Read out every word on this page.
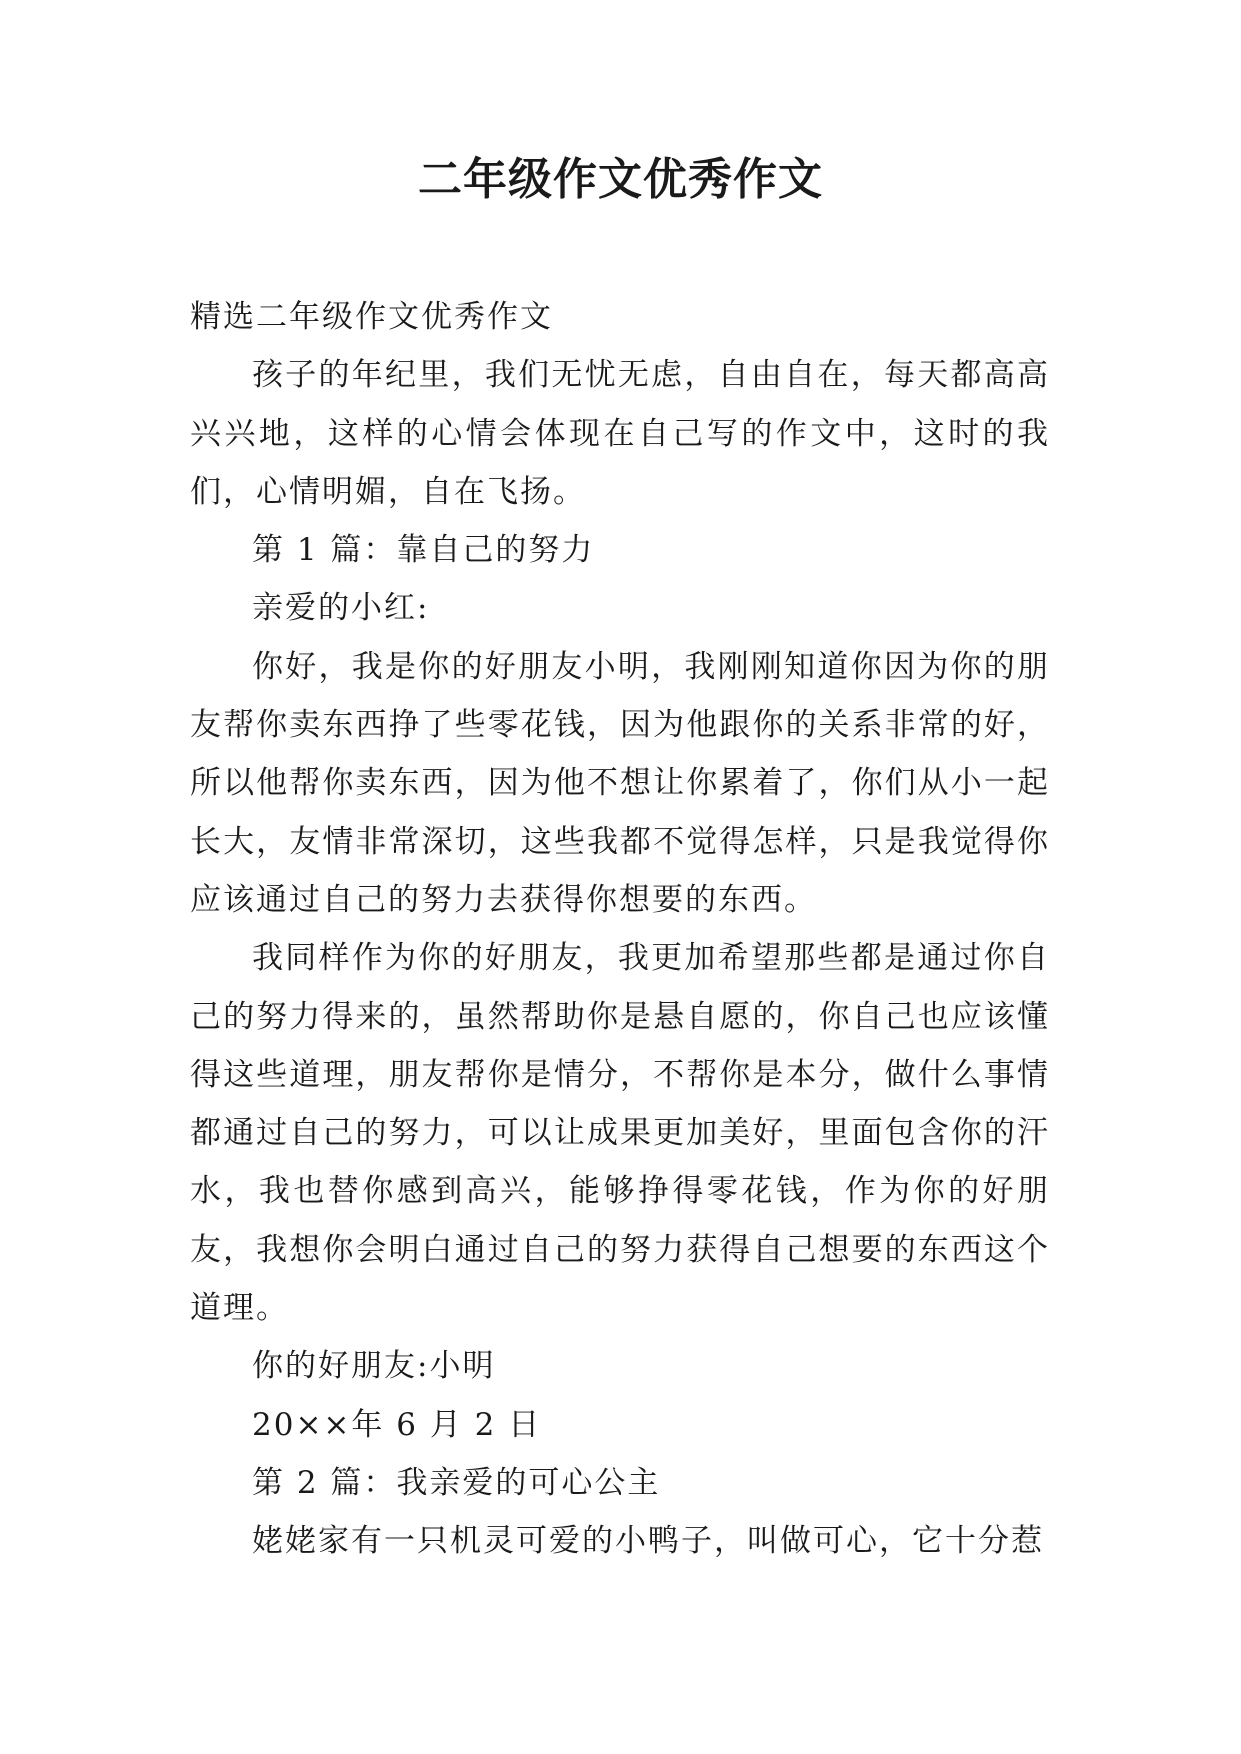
二年级作文优秀作文

精选二年级作文优秀作文

孩子的年纪里，我们无忧无虑，自由自在，每天都高高兴兴地，这样的心情会体现在自己写的作文中，这时的我们，心情明媚，自在飞扬。

第 1 篇：靠自己的努力

亲爱的小红:

你好，我是你的好朋友小明，我刚刚知道你因为你的朋友帮你卖东西挣了些零花钱，因为他跟你的关系非常的好，所以他帮你卖东西，因为他不想让你累着了，你们从小一起长大，友情非常深切，这些我都不觉得怎样，只是我觉得你应该通过自己的努力去获得你想要的东西。

我同样作为你的好朋友，我更加希望那些都是通过你自己的努力得来的，虽然帮助你是悬自愿的，你自己也应该懂得这些道理，朋友帮你是情分，不帮你是本分，做什么事情都通过自己的努力，可以让成果更加美好，里面包含你的汗水，我也替你感到高兴，能够挣得零花钱，作为你的好朋友，我想你会明白通过自己的努力获得自己想要的东西这个道理。

你的好朋友:小明

20××年 6 月 2 日

第 2 篇：我亲爱的可心公主

姥姥家有一只机灵可爱的小鸭子，叫做可心，它十分惹
